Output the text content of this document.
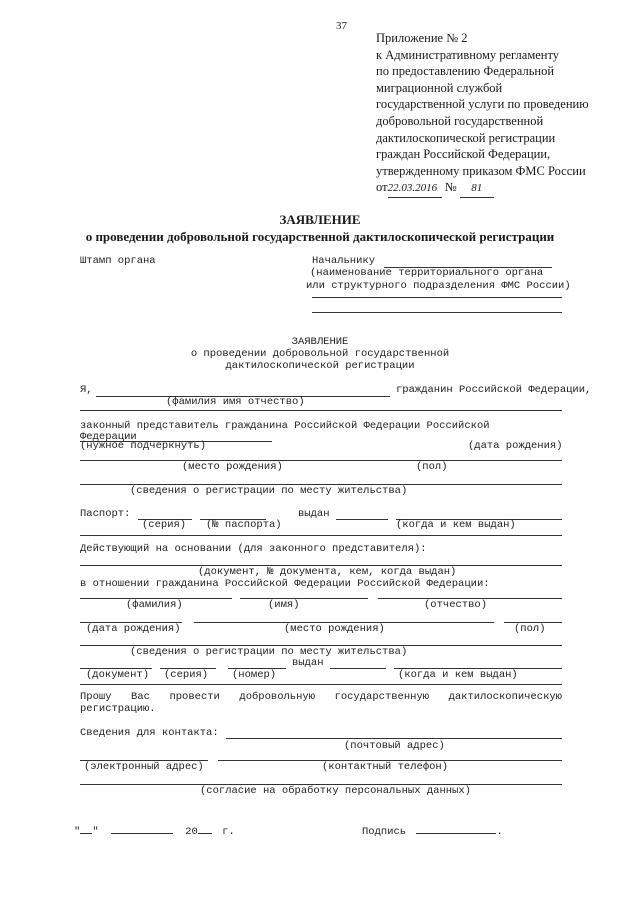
37
Приложение № 2
к Административному регламенту
по предоставлению Федеральной
миграционной службой
государственной услуги по проведению
добровольной государственной
дактилоскопической регистрации
граждан Российской Федерации,
утвержденному приказом ФМС России
от22.03.2016 № 81
ЗАЯВЛЕНИЕ
о проведении добровольной государственной дактилоскопической регистрации
Штамп органа	Начальнику
(наименование территориального органа
или структурного подразделения ФМС России)
ЗАЯВЛЕНИЕ
о проведении добровольной государственной
дактилоскопической регистрации
Я,	гражданин Российской Федерации,
(фамилия имя отчество)
законный представитель гражданина Российской Федерации Российской
Федерации
(нужное подчеркнуть)	(дата рождения)
(место рождения)	(пол)
(сведения о регистрации по месту жительства)
Паспорт:	выдан
(серия) (№ паспорта)	(когда и кем выдан)
Действующий на основании (для законного представителя):
(документ, № документа, кем, когда выдан)
в отношении гражданина Российской Федерации Российской Федерации:
(фамилия)	(имя)	(отчество)
(дата рождения)	(место рождения)	(пол)
(сведения о регистрации по месту жительства)
выдан
(документ) (серия) (номер)	(когда и кем выдан)
Прошу Вас провести добровольную государственную дактилоскопическую
регистрацию.
Сведения для контакта:
(почтовый адрес)
(электронный адрес)	(контактный телефон)
(согласие на обработку персональных данных)
" "	20 г.	Подпись	.
